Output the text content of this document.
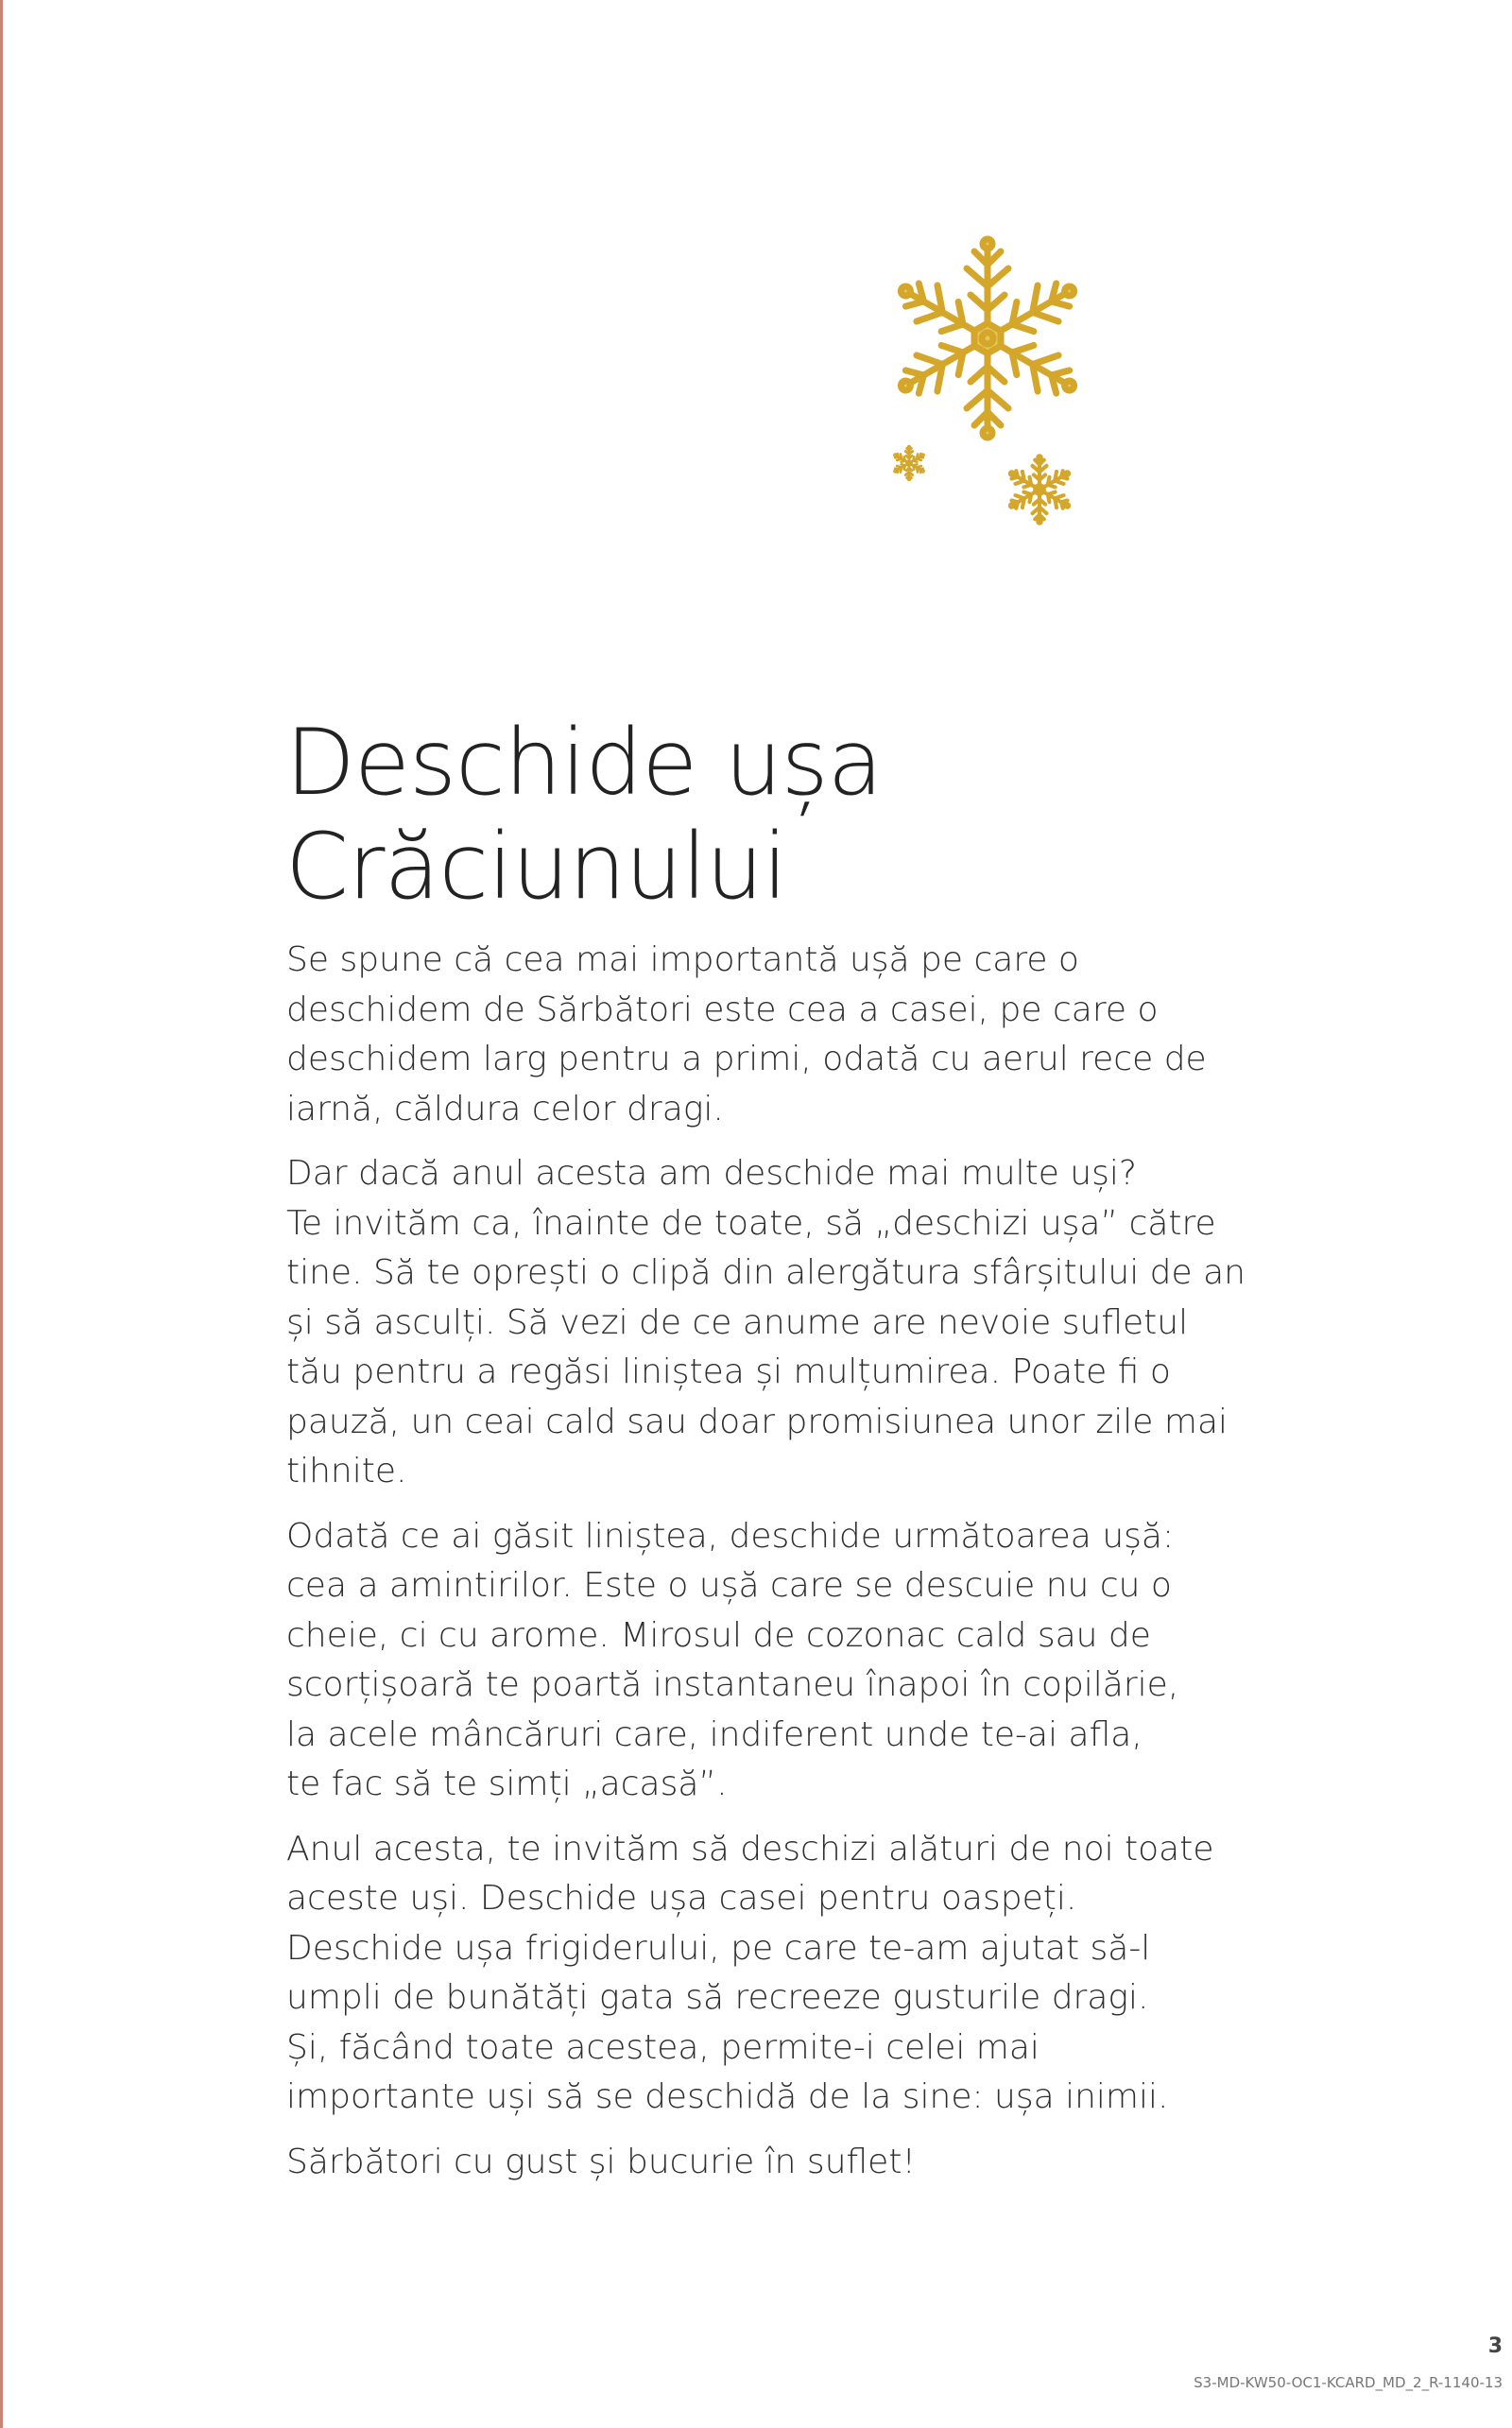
Deschide ușa
Crăciunului

Se spune că cea mai importantă ușă pe care o
deschidem de Sărbători este cea a casei, pe care o
deschidem larg pentru a primi, odată cu aerul rece de
iarnă, căldura celor dragi.

Dar dacă anul acesta am deschide mai multe uși?
Te invităm ca, înainte de toate, să „deschizi ușa” către
tine. Să te oprești o clipă din alergătura sfârșitului de an
și să asculți. Să vezi de ce anume are nevoie sufletul
tău pentru a regăsi liniștea și mulțumirea. Poate fi o
pauză, un ceai cald sau doar promisiunea unor zile mai
tihnite.

Odată ce ai găsit liniștea, deschide următoarea ușă:
cea a amintirilor. Este o ușă care se descuie nu cu o
cheie, ci cu arome. Mirosul de cozonac cald sau de
scorțișoară te poartă instantaneu înapoi în copilărie,
la acele mâncăruri care, indiferent unde te-ai afla,
te fac să te simți „acasă”.

Anul acesta, te invităm să deschizi alături de noi toate
aceste uși. Deschide ușa casei pentru oaspeți.
Deschide ușa frigiderului, pe care te-am ajutat să-l
umpli de bunătăți gata să recreeze gusturile dragi.
Și, făcând toate acestea, permite-i celei mai
importante uși să se deschidă de la sine: ușa inimii.

Sărbători cu gust și bucurie în suflet!

3
S3-MD-KW50-OC1-KCARD_MD_2_R-1140-13
